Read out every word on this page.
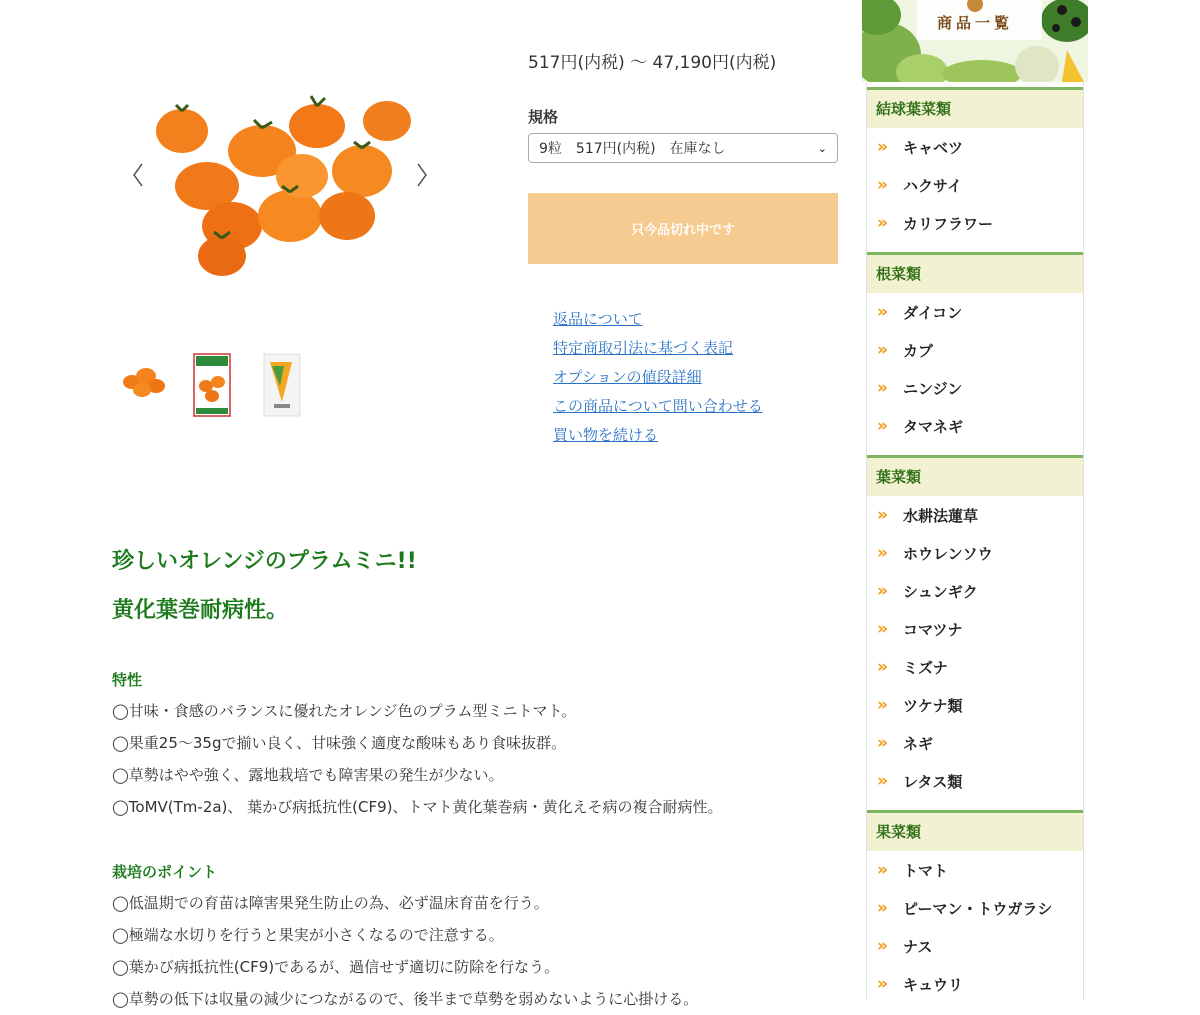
517円(内税) 〜 47,190円(内税)
規格
9粒　517円(内税)　在庫なし	⌄
只今品切れ中です
返品について
特定商取引法に基づく表記
オプションの値段詳細
この商品について問い合わせる
買い物を続ける
珍しいオレンジのプラムミニ!!
黄化葉巻耐病性。
特性
◯甘味・食感のバランスに優れたオレンジ色のプラム型ミニトマト。
◯果重25〜35gで揃い良く、甘味強く適度な酸味もあり食味抜群。
◯草勢はやや強く、露地栽培でも障害果の発生が少ない。
◯ToMV(Tm-2a)、 葉かび病抵抗性(CF9)、トマト黄化葉巻病・黄化えそ病の複合耐病性。
栽培のポイント
◯低温期での育苗は障害果発生防止の為、必ず温床育苗を行う。
◯極端な水切りを行うと果実が小さくなるので注意する。
◯葉かび病抵抗性(CF9)であるが、過信せず適切に防除を行なう。
◯草勢の低下は収量の減少につながるので、後半まで草勢を弱めないように心掛ける。
商品一覧
結球葉菜類
»	キャベツ
»	ハクサイ
»	カリフラワー
根菜類
»	ダイコン
»	カブ
»	ニンジン
»	タマネギ
葉菜類
»	水耕法蓮草
»	ホウレンソウ
»	シュンギク
»	コマツナ
»	ミズナ
»	ツケナ類
»	ネギ
»	レタス類
果菜類
»	トマト
»	ピーマン・トウガラシ
»	ナス
»	キュウリ
